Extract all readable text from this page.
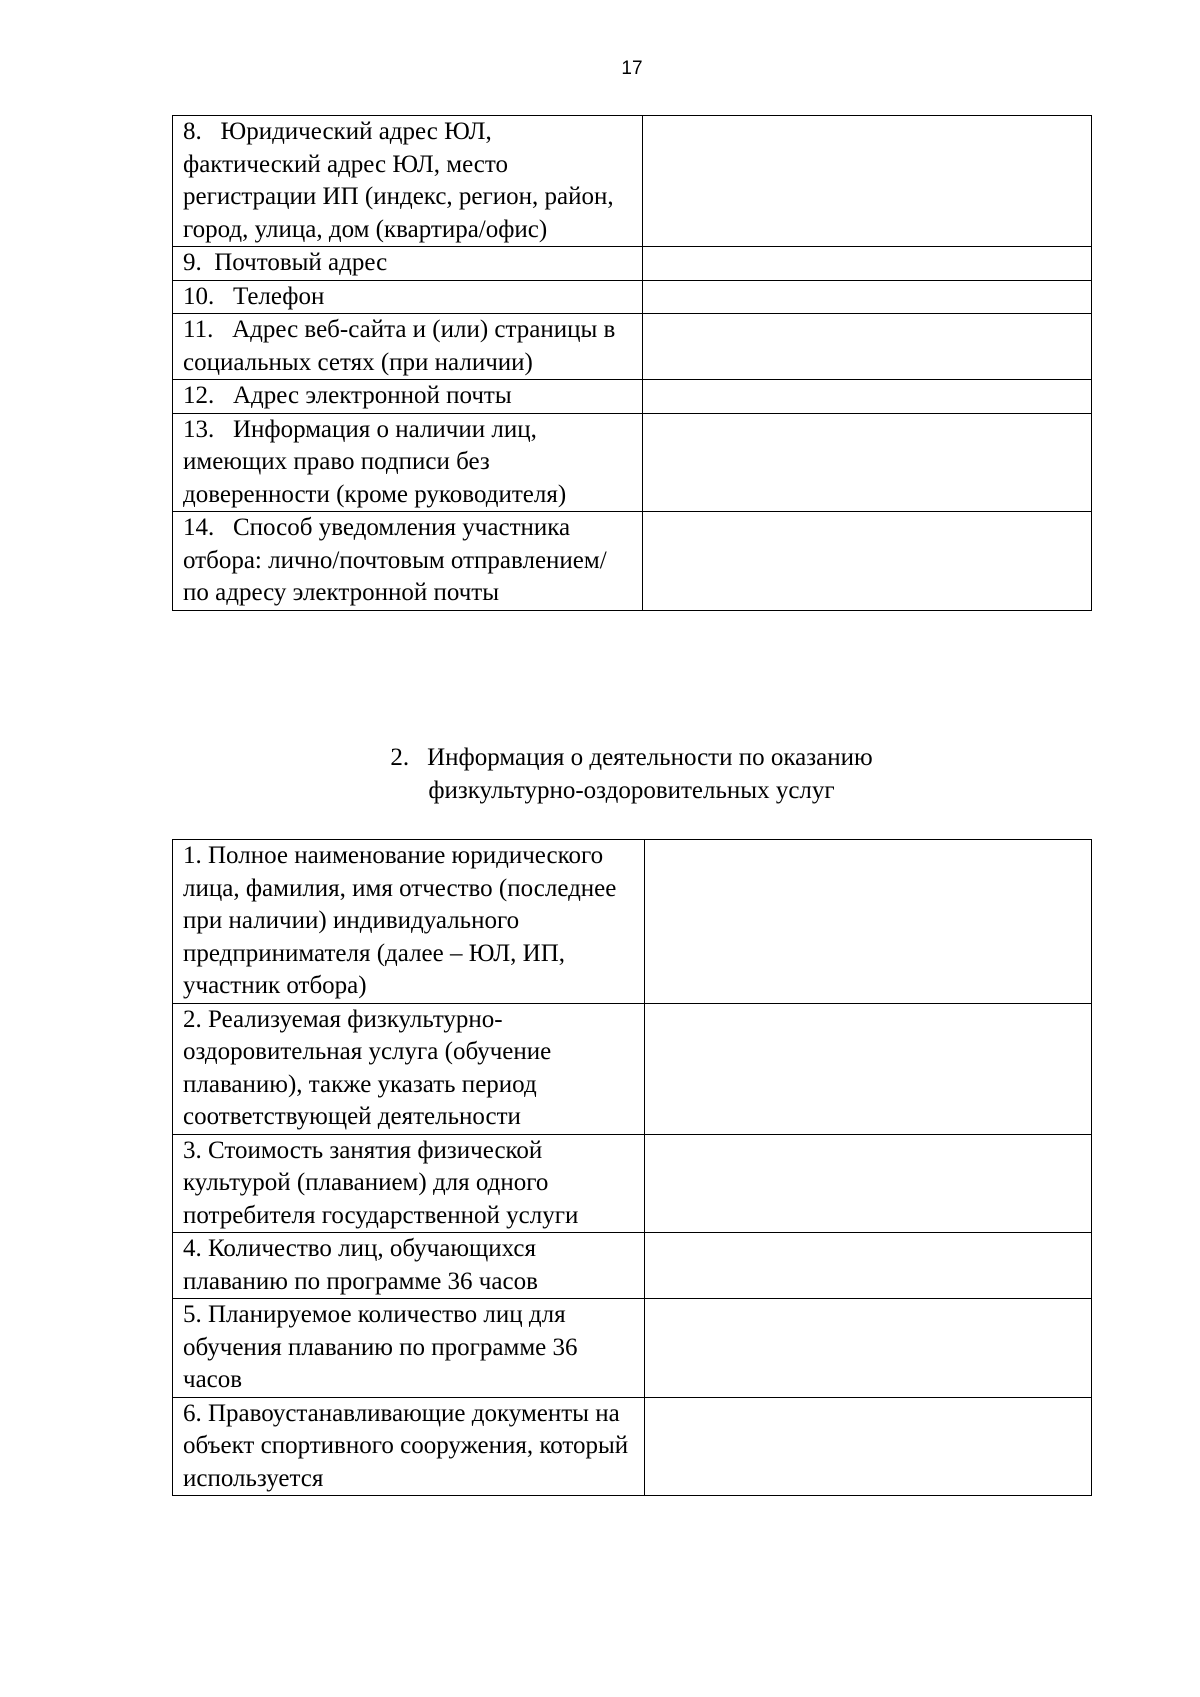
17
8.   Юридический адрес ЮЛ, фактический адрес ЮЛ, место регистрации ИП (индекс, регион, район, город, улица, дом (квартира/офис)	
9.  Почтовый адрес	
10.   Телефон	
11.   Адрес веб-сайта и (или) страницы в социальных сетях (при наличии)	
12.   Адрес электронной почты	
13.   Информация о наличии лиц, имеющих право подписи без доверенности (кроме руководителя)	
14.   Способ уведомления участника отбора: лично/почтовым отправлением/по адресу электронной почты	
2. Информация о деятельности по оказанию
физкультурно-оздоровительных услуг
1. Полное наименование юридического лица, фамилия, имя отчество (последнее при наличии) индивидуального предпринимателя (далее – ЮЛ, ИП, участник отбора)	
2. Реализуемая физкультурно-оздоровительная услуга (обучение плаванию), также указать период соответствующей деятельности	
3. Стоимость занятия физической культурой (плаванием) для одного потребителя государственной услуги	
4. Количество лиц, обучающихся плаванию по программе 36 часов	
5. Планируемое количество лиц для обучения плаванию по программе 36 часов	
6. Правоустанавливающие документы на объект спортивного сооружения, который используется	
